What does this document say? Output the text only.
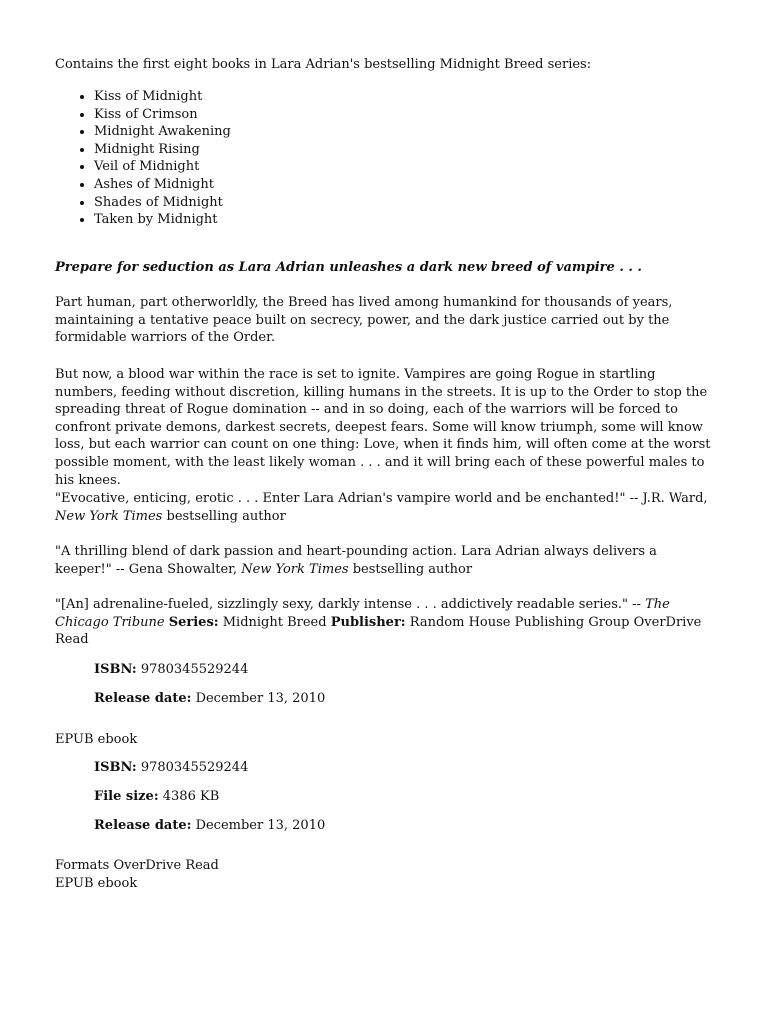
Contains the first eight books in Lara Adrian's bestselling Midnight Breed series:

• Kiss of Midnight
• Kiss of Crimson
• Midnight Awakening
• Midnight Rising
• Veil of Midnight
• Ashes of Midnight
• Shades of Midnight
• Taken by Midnight

Prepare for seduction as Lara Adrian unleashes a dark new breed of vampire . . .

Part human, part otherworldly, the Breed has lived among humankind for thousands of years, maintaining a tentative peace built on secrecy, power, and the dark justice carried out by the formidable warriors of the Order.

But now, a blood war within the race is set to ignite. Vampires are going Rogue in startling numbers, feeding without discretion, killing humans in the streets. It is up to the Order to stop the spreading threat of Rogue domination -- and in so doing, each of the warriors will be forced to confront private demons, darkest secrets, deepest fears. Some will know triumph, some will know loss, but each warrior can count on one thing: Love, when it finds him, will often come at the worst possible moment, with the least likely woman . . . and it will bring each of these powerful males to his knees.

"Evocative, enticing, erotic . . . Enter Lara Adrian's vampire world and be enchanted!" -- J.R. Ward, New York Times bestselling author

"A thrilling blend of dark passion and heart-pounding action. Lara Adrian always delivers a keeper!" -- Gena Showalter, New York Times bestselling author

"[An] adrenaline-fueled, sizzlingly sexy, darkly intense . . . addictively readable series." -- The Chicago Tribune Series: Midnight Breed Publisher: Random House Publishing Group OverDrive Read

ISBN: 9780345529244

Release date: December 13, 2010

EPUB ebook

ISBN: 9780345529244

File size: 4386 KB

Release date: December 13, 2010

Formats OverDrive Read
EPUB ebook
